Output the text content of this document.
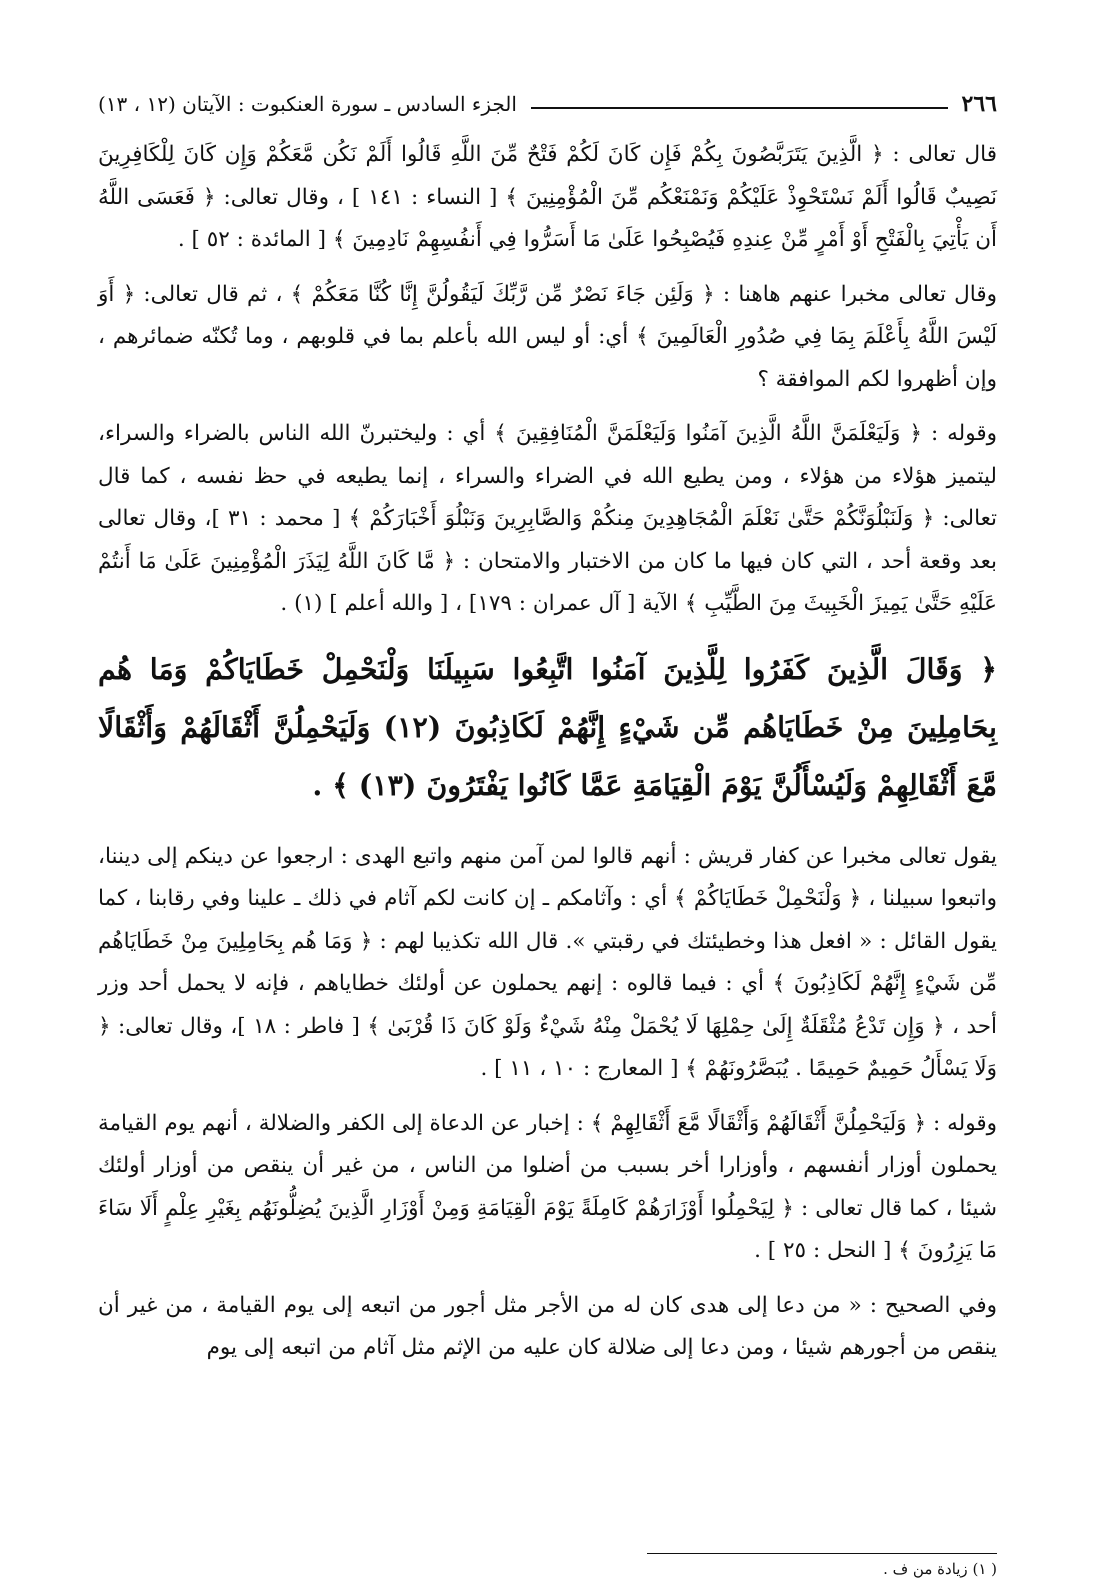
٢٦٦
الجزء السادس ـ سورة العنكبوت : الآيتان (١٢ ، ١٣)

قال تعالى : ﴿ الَّذِينَ يَتَرَبَّصُونَ بِكُمْ فَإِن كَانَ لَكُمْ فَتْحٌ مِّنَ اللَّهِ قَالُوا أَلَمْ نَكُن مَّعَكُمْ وَإِن كَانَ لِلْكَافِرِينَ نَصِيبٌ قَالُوا أَلَمْ نَسْتَحْوِذْ عَلَيْكُمْ وَنَمْنَعْكُم مِّنَ الْمُؤْمِنِينَ ﴾ [ النساء : ١٤١ ] ، وقال تعالى: ﴿ فَعَسَى اللَّهُ أَن يَأْتِيَ بِالْفَتْحِ أَوْ أَمْرٍ مِّنْ عِندِهِ فَيُصْبِحُوا عَلَىٰ مَا أَسَرُّوا فِي أَنفُسِهِمْ نَادِمِينَ ﴾ [ المائدة : ٥٢ ] .

وقال تعالى مخبرا عنهم هاهنا : ﴿ وَلَئِن جَاءَ نَصْرٌ مِّن رَّبِّكَ لَيَقُولُنَّ إِنَّا كُنَّا مَعَكُمْ ﴾ ، ثم قال تعالى: ﴿ أَوَ لَيْسَ اللَّهُ بِأَعْلَمَ بِمَا فِي صُدُورِ الْعَالَمِينَ ﴾ أي: أو ليس الله بأعلم بما في قلوبهم ، وما تُكنّه ضمائرهم ، وإن أظهروا لكم الموافقة ؟

وقوله : ﴿ وَلَيَعْلَمَنَّ اللَّهُ الَّذِينَ آمَنُوا وَلَيَعْلَمَنَّ الْمُنَافِقِينَ ﴾ أي : وليختبرنّ الله الناس بالضراء والسراء، ليتميز هؤلاء من هؤلاء ، ومن يطيع الله في الضراء والسراء ، إنما يطيعه في حظ نفسه ، كما قال تعالى: ﴿ وَلَنَبْلُوَنَّكُمْ حَتَّىٰ نَعْلَمَ الْمُجَاهِدِينَ مِنكُمْ وَالصَّابِرِينَ وَنَبْلُوَ أَخْبَارَكُمْ ﴾ [ محمد : ٣١ ]، وقال تعالى بعد وقعة أحد ، التي كان فيها ما كان من الاختبار والامتحان : ﴿ مَّا كَانَ اللَّهُ لِيَذَرَ الْمُؤْمِنِينَ عَلَىٰ مَا أَنتُمْ عَلَيْهِ حَتَّىٰ يَمِيزَ الْخَبِيثَ مِنَ الطَّيِّبِ ﴾ الآية [ آل عمران : ١٧٩] ، [ والله أعلم ] (١) .

﴿ وَقَالَ الَّذِينَ كَفَرُوا لِلَّذِينَ آمَنُوا اتَّبِعُوا سَبِيلَنَا وَلْنَحْمِلْ خَطَايَاكُمْ وَمَا هُم بِحَامِلِينَ مِنْ خَطَايَاهُم مِّن شَيْءٍ إِنَّهُمْ لَكَاذِبُونَ (١٢) وَلَيَحْمِلُنَّ أَثْقَالَهُمْ وَأَثْقَالًا مَّعَ أَثْقَالِهِمْ وَلَيُسْأَلُنَّ يَوْمَ الْقِيَامَةِ عَمَّا كَانُوا يَفْتَرُونَ (١٣) ﴾ .

يقول تعالى مخبرا عن كفار قريش : أنهم قالوا لمن آمن منهم واتبع الهدى : ارجعوا عن دينكم إلى ديننا، واتبعوا سبيلنا ، ﴿ وَلْنَحْمِلْ خَطَايَاكُمْ ﴾ أي : وآثامكم ـ إن كانت لكم آثام في ذلك ـ علينا وفي رقابنا ، كما يقول القائل : « افعل هذا وخطيئتك في رقبتي ». قال الله تكذيبا لهم : ﴿ وَمَا هُم بِحَامِلِينَ مِنْ خَطَايَاهُم مِّن شَيْءٍ إِنَّهُمْ لَكَاذِبُونَ ﴾ أي : فيما قالوه : إنهم يحملون عن أولئك خطاياهم ، فإنه لا يحمل أحد وزر أحد ، ﴿ وَإِن تَدْعُ مُثْقَلَةٌ إِلَىٰ حِمْلِهَا لَا يُحْمَلْ مِنْهُ شَيْءٌ وَلَوْ كَانَ ذَا قُرْبَىٰ ﴾ [ فاطر : ١٨ ]، وقال تعالى: ﴿ وَلَا يَسْأَلُ حَمِيمٌ حَمِيمًا . يُبَصَّرُونَهُمْ ﴾ [ المعارج : ١٠ ، ١١ ] .

وقوله : ﴿ وَلَيَحْمِلُنَّ أَثْقَالَهُمْ وَأَثْقَالًا مَّعَ أَثْقَالِهِمْ ﴾ : إخبار عن الدعاة إلى الكفر والضلالة ، أنهم يوم القيامة يحملون أوزار أنفسهم ، وأوزارا أخر بسبب من أضلوا من الناس ، من غير أن ينقص من أوزار أولئك شيئا ، كما قال تعالى : ﴿ لِيَحْمِلُوا أَوْزَارَهُمْ كَامِلَةً يَوْمَ الْقِيَامَةِ وَمِنْ أَوْزَارِ الَّذِينَ يُضِلُّونَهُم بِغَيْرِ عِلْمٍ أَلَا سَاءَ مَا يَزِرُونَ ﴾ [ النحل : ٢٥ ] .

وفي الصحيح : « من دعا إلى هدى كان له من الأجر مثل أجور من اتبعه إلى يوم القيامة ، من غير أن ينقص من أجورهم شيئا ، ومن دعا إلى ضلالة كان عليه من الإثم مثل آثام من اتبعه إلى يوم

( ١) زيادة من ف .
